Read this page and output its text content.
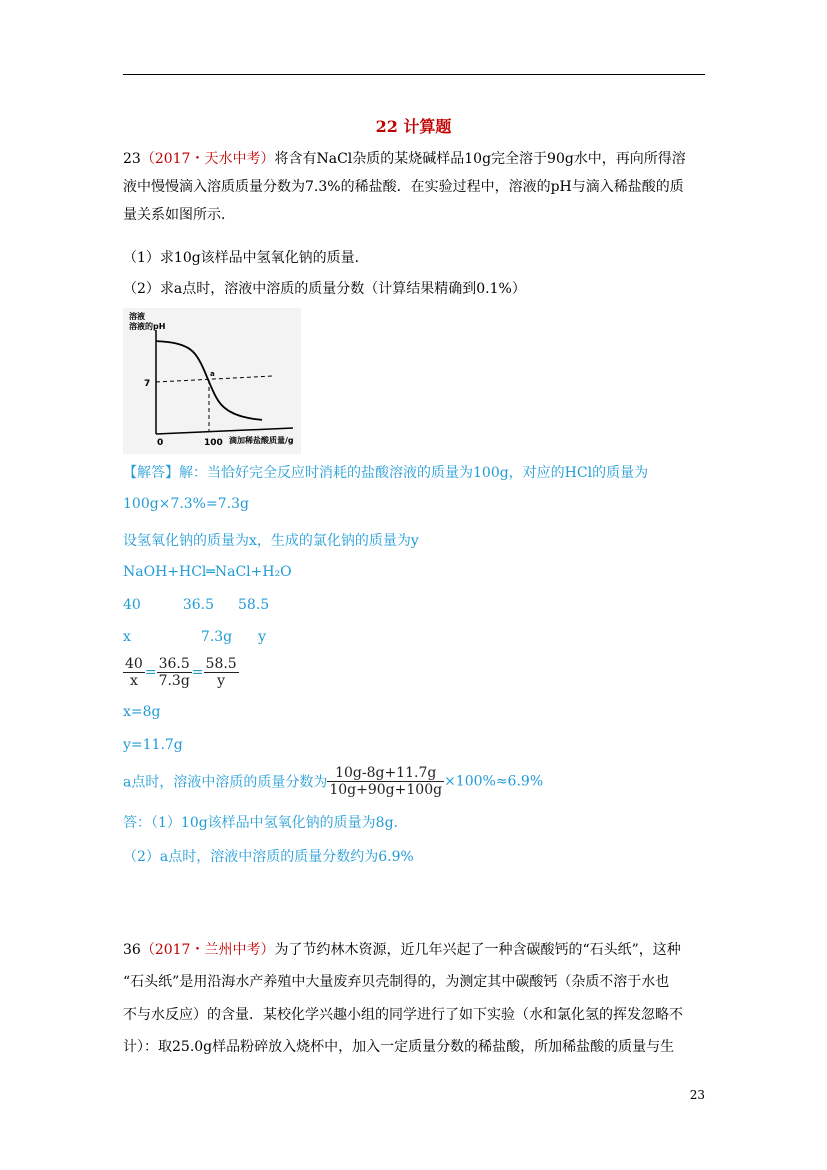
22 计算题
23（2017・天水中考）将含有NaCl杂质的某烧碱样品10g完全溶于90g水中，再向所得溶
液中慢慢滴入溶质质量分数为7.3%的稀盐酸．在实验过程中，溶液的pH与滴入稀盐酸的质
量关系如图所示．
（1）求10g该样品中氢氧化钠的质量．
（2）求a点时，溶液中溶质的质量分数（计算结果精确到0.1%）
溶液
溶液的pH
7
a
0	100 滴加稀盐酸质量/g
【解答】解：当恰好完全反应时消耗的盐酸溶液的质量为100g，对应的HCl的质量为
100g×7.3%=7.3g
设氢氧化钠的质量为x，生成的氯化钠的质量为y
NaOH+HCl═NaCl+H₂O
40	36.5 58.5
x	7.3g y
$\frac{40}{x} = \frac{36.5}{7.3g} = \frac{58.5}{y}$
x=8g
y=11.7g
a点时，溶液中溶质的质量分数为 $\frac{10g-8g+11.7g}{10g+90g+100g} \times 100\%\approx 6.9\%$
答：（1）10g该样品中氢氧化钠的质量为8g.
（2）a点时，溶液中溶质的质量分数约为6.9%
36（2017・兰州中考）为了节约林木资源，近几年兴起了一种含碳酸钙的“石头纸”，这种
“石头纸”是用沿海水产养殖中大量废弃贝壳制得的，为测定其中碳酸钙（杂质不溶于水也
不与水反应）的含量．某校化学兴趣小组的同学进行了如下实验（水和氯化氢的挥发忽略不
计）：取25.0g样品粉碎放入烧杯中，加入一定质量分数的稀盐酸，所加稀盐酸的质量与生
23
